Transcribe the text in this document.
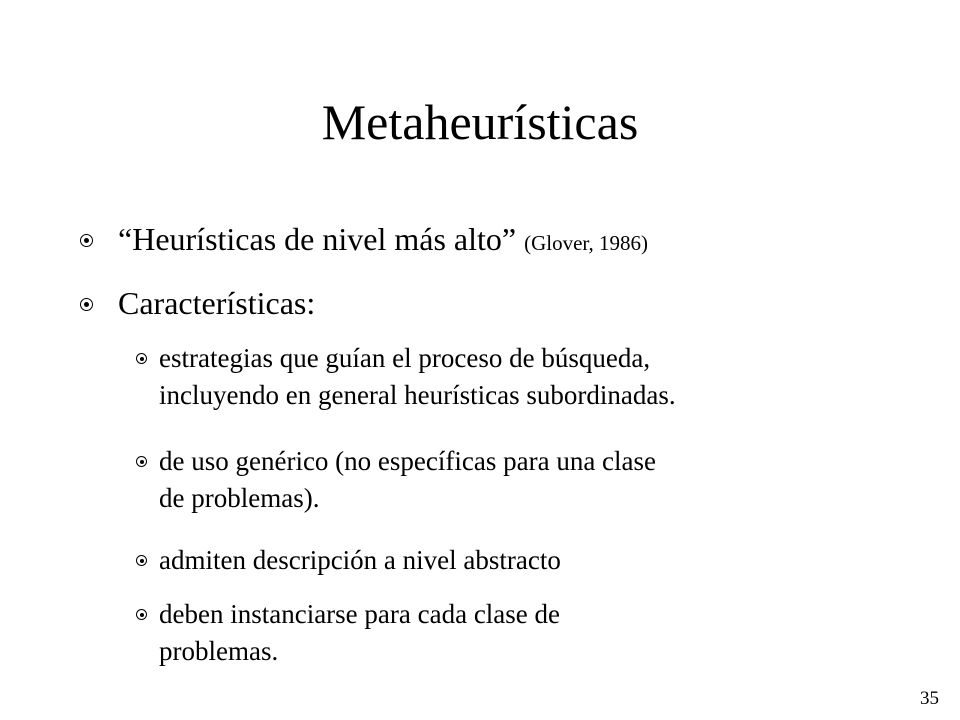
Metaheurísticas
“Heurísticas de nivel más alto” (Glover, 1986)
Características:
estrategias que guían el proceso de búsqueda,
incluyendo en general heurísticas subordinadas.
de uso genérico (no específicas para una clase
de problemas).
admiten descripción a nivel abstracto
deben instanciarse para cada clase de
problemas.
35
